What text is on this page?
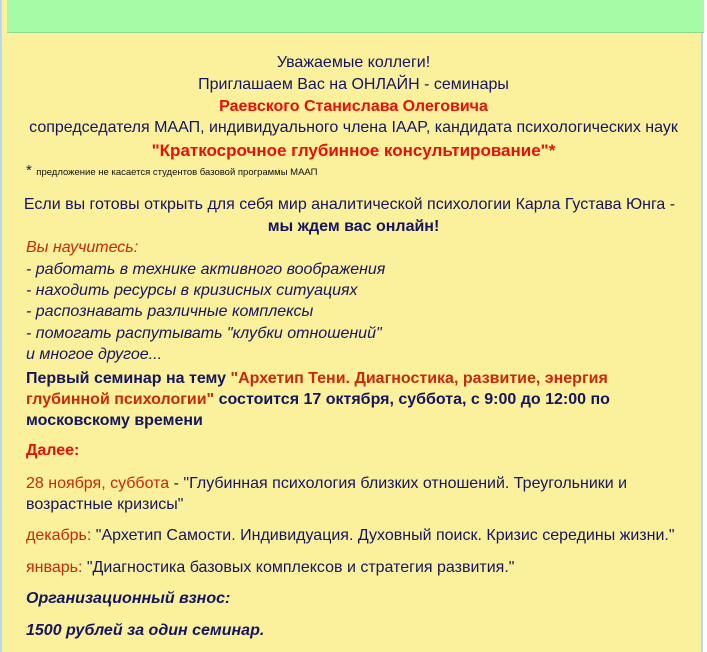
Уважаемые коллеги!
Приглашаем Вас на ОНЛАЙН - семинары
Раевского Станислава Олеговича
сопредседателя МААП, индивидуального члена IAAP, кандидата психологических наук
"Краткосрочное глубинное консультирование"*
* предложение не касается студентов базовой программы МААП
Если вы готовы открыть для себя мир аналитической психологии Карла Густава Юнга -
мы ждем вас онлайн!
Вы научитесь:
- работать в технике активного воображения
- находить ресурсы в кризисных ситуациях
- распознавать различные комплексы
- помогать распутывать "клубки отношений"
и многое другое...
Первый семинар на тему "Архетип Тени. Диагностика, развитие, энергия
глубинной психологии" состоится 17 октября, суббота, с 9:00 до 12:00 по
московскому времени
Далее:
28 ноября, суббота - "Глубинная психология близких отношений. Треугольники и
возрастные кризисы"
декабрь: "Архетип Самости. Индивидуация. Духовный поиск. Кризис середины жизни."
январь: "Диагностика базовых комплексов и стратегия развития."
Организационный взнос:
1500 рублей за один семинар.
